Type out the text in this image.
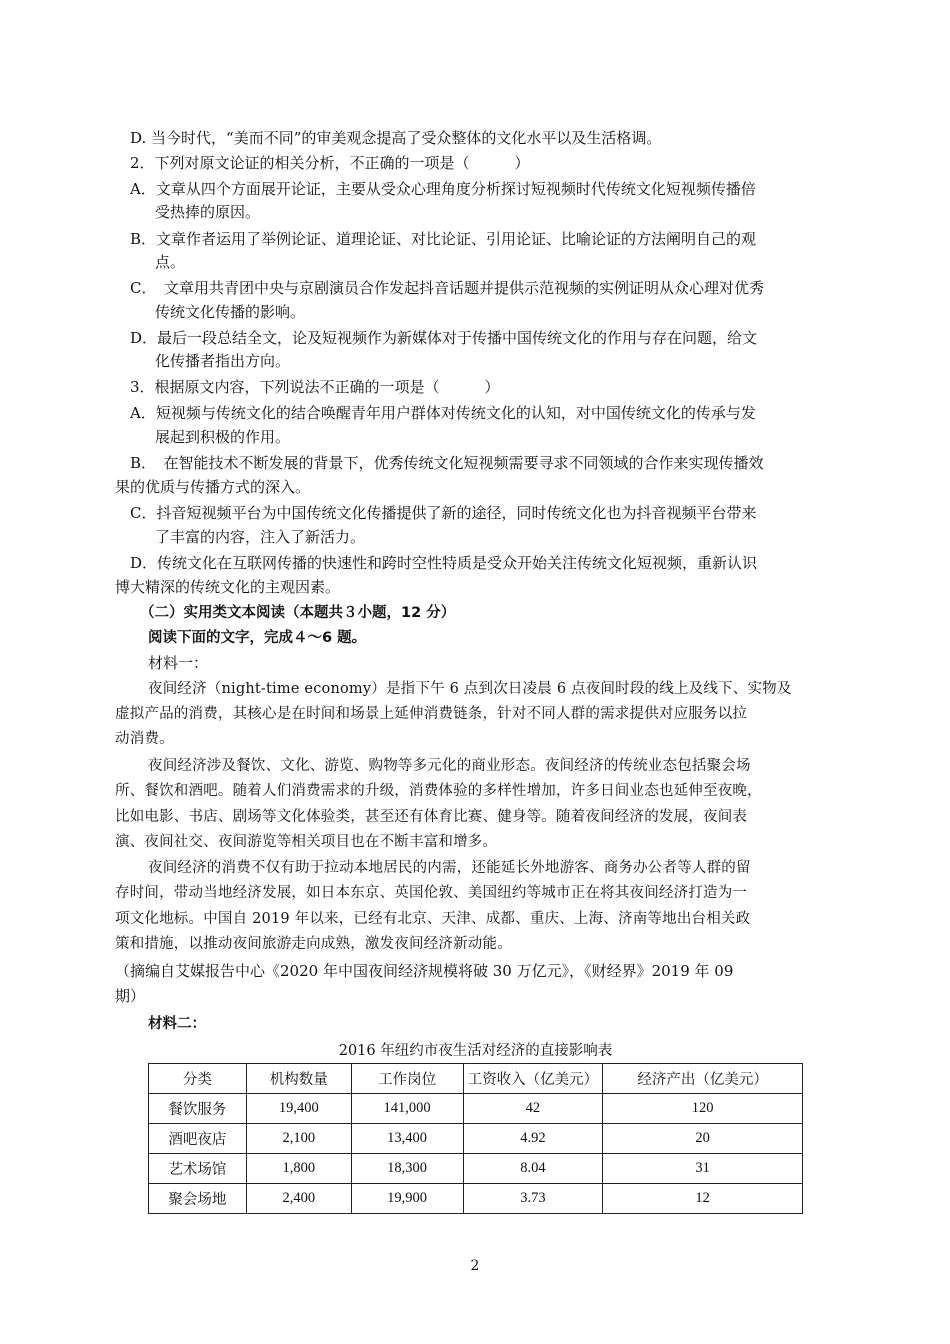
D. 当今时代，“美而不同”的审美观念提高了受众整体的文化水平以及生活格调。
2．下列对原文论证的相关分析，不正确的一项是（　　　）
A．文章从四个方面展开论证，主要从受众心理角度分析探讨短视频时代传统文化短视频传播倍
受热捧的原因。
B．文章作者运用了举例论证、道理论证、对比论证、引用论证、比喻论证的方法阐明自己的观
点。
C．　文章用共青团中央与京剧演员合作发起抖音话题并提供示范视频的实例证明从众心理对优秀
传统文化传播的影响。
D．最后一段总结全文，论及短视频作为新媒体对于传播中国传统文化的作用与存在问题，给文
化传播者指出方向。
3．根据原文内容，下列说法不正确的一项是（　　　）
A．短视频与传统文化的结合唤醒青年用户群体对传统文化的认知，对中国传统文化的传承与发
展起到积极的作用。
B．　在智能技术不断发展的背景下，优秀传统文化短视频需要寻求不同领域的合作来实现传播效
果的优质与传播方式的深入。
C．抖音短视频平台为中国传统文化传播提供了新的途径，同时传统文化也为抖音视频平台带来
了丰富的内容，注入了新活力。
D．传统文化在互联网传播的快速性和跨时空性特质是受众开始关注传统文化短视频，重新认识
博大精深的传统文化的主观因素。
（二）实用类文本阅读（本题共３小题，12 分）
阅读下面的文字，完成４～6 题。
材料一：
夜间经济（night-time economy）是指下午 6 点到次日凌晨 6 点夜间时段的线上及线下、实物及
虚拟产品的消费，其核心是在时间和场景上延伸消费链条，针对不同人群的需求提供对应服务以拉
动消费。
夜间经济涉及餐饮、文化、游览、购物等多元化的商业形态。夜间经济的传统业态包括聚会场
所、餐饮和酒吧。随着人们消费需求的升级，消费体验的多样性增加，许多日间业态也延伸至夜晚，
比如电影、书店、剧场等文化体验类，甚至还有体育比赛、健身等。随着夜间经济的发展，夜间表
演、夜间社交、夜间游览等相关项目也在不断丰富和增多。
夜间经济的消费不仅有助于拉动本地居民的内需，还能延长外地游客、商务办公者等人群的留
存时间，带动当地经济发展，如日本东京、英国伦敦、美国纽约等城市正在将其夜间经济打造为一
项文化地标。中国自 2019 年以来，已经有北京、天津、成都、重庆、上海、济南等地出台相关政
策和措施，以推动夜间旅游走向成熟，激发夜间经济新动能。
（摘编自艾媒报告中心《2020 年中国夜间经济规模将破 30 万亿元》，《财经界》2019 年 09
期）
材料二：
2016 年纽约市夜生活对经济的直接影响表
分类	机构数量	工作岗位	工资收入（亿美元）	经济产出（亿美元）
餐饮服务	19,400	141,000	42	120
酒吧夜店	2,100	13,400	4.92	20
艺术场馆	1,800	18,300	8.04	31
聚会场地	2,400	19,900	3.73	12
2
